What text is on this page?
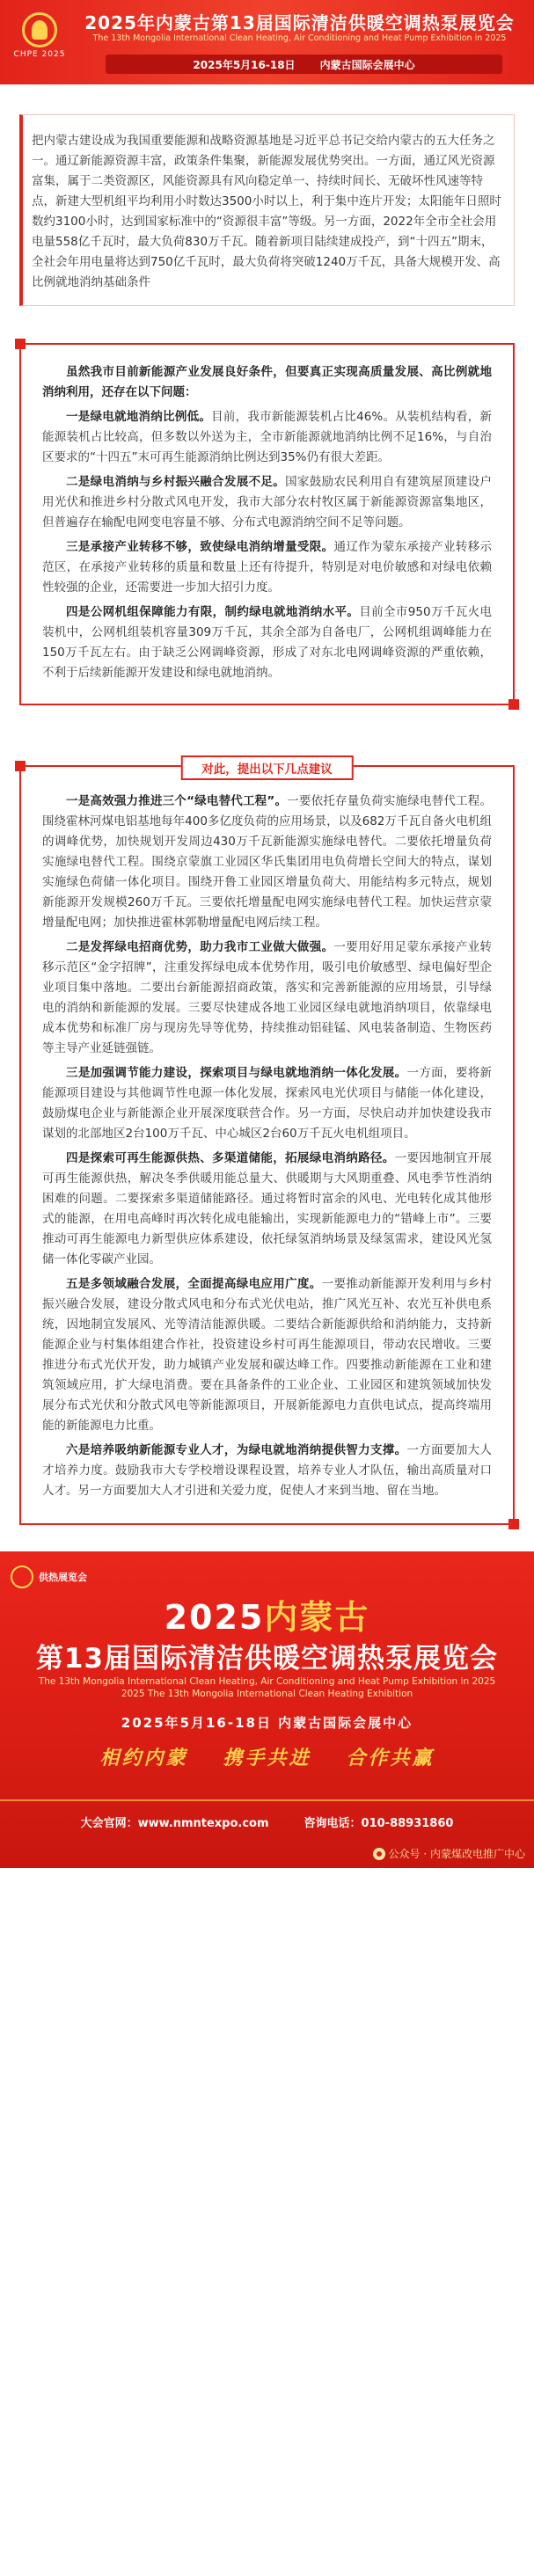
CHPE 2025
2025年内蒙古第13届国际清洁供暖空调热泵展览会
The 13th Mongolia International Clean Heating, Air Conditioning and Heat Pump Exhibition in 2025
2025年5月16-18日 内蒙古国际会展中心
把内蒙古建设成为我国重要能源和战略资源基地是习近平总书记交给内蒙古的五大任务之一。通辽新能源资源丰富，政策条件集聚，新能源发展优势突出。一方面，通辽风光资源富集，属于二类资源区，风能资源具有风向稳定单一、持续时间长、无破坏性风速等特点，新建大型机组平均利用小时数达3500小时以上，利于集中连片开发；太阳能年日照时数约3100小时，达到国家标准中的“资源很丰富”等级。另一方面，2022年全市全社会用电量558亿千瓦时，最大负荷830万千瓦。随着新项目陆续建成投产，到“十四五”期末，全社会年用电量将达到750亿千瓦时，最大负荷将突破1240万千瓦，具备大规模开发、高比例就地消纳基础条件

虽然我市目前新能源产业发展良好条件，但要真正实现高质量发展、高比例就地消纳利用，还存在以下问题：

一是绿电就地消纳比例低。目前，我市新能源装机占比46%。从装机结构看，新能源装机占比较高，但多数以外送为主，全市新能源就地消纳比例不足16%，与自治区要求的“十四五”末可再生能源消纳比例达到35%仍有很大差距。

二是绿电消纳与乡村振兴融合发展不足。国家鼓励农民利用自有建筑屋顶建设户用光伏和推进乡村分散式风电开发，我市大部分农村牧区属于新能源资源富集地区，但普遍存在输配电网变电容量不够、分布式电源消纳空间不足等问题。

三是承接产业转移不够，致使绿电消纳增量受限。通辽作为蒙东承接产业转移示范区，在承接产业转移的质量和数量上还有待提升，特别是对电价敏感和对绿电依赖性较强的企业，还需要进一步加大招引力度。

四是公网机组保障能力有限，制约绿电就地消纳水平。目前全市950万千瓦火电装机中，公网机组装机容量309万千瓦，其余全部为自备电厂，公网机组调峰能力在150万千瓦左右。由于缺乏公网调峰资源，形成了对东北电网调峰资源的严重依赖，不利于后续新能源开发建设和绿电就地消纳。

对此，提出以下几点建议

一是高效强力推进三个“绿电替代工程”。一要依托存量负荷实施绿电替代工程。围绕霍林河煤电铝基地每年400多亿度负荷的应用场景，以及682万千瓦自备火电机组的调峰优势，加快规划开发周边430万千瓦新能源实施绿电替代。二要依托增量负荷实施绿电替代工程。围绕京蒙旗工业园区华氏集团用电负荷增长空间大的特点，谋划实施绿色荷储一体化项目。围绕开鲁工业园区增量负荷大、用能结构多元特点，规划新能源开发规模260万千瓦。三要依托增量配电网实施绿电替代工程。加快运营京蒙增量配电网；加快推进霍林郭勒增量配电网后续工程。

二是发挥绿电招商优势，助力我市工业做大做强。一要用好用足蒙东承接产业转移示范区“金字招牌”，注重发挥绿电成本优势作用，吸引电价敏感型、绿电偏好型企业项目集中落地。二要出台新能源招商政策，落实和完善新能源的应用场景，引导绿电的消纳和新能源的发展。三要尽快建成各地工业园区绿电就地消纳项目，依靠绿电成本优势和标准厂房与现房先导等优势，持续推动铝硅锰、风电装备制造、生物医药等主导产业延链强链。

三是加强调节能力建设，探索项目与绿电就地消纳一体化发展。一方面，要将新能源项目建设与其他调节性电源一体化发展，探索风电光伏项目与储能一体化建设，鼓励煤电企业与新能源企业开展深度联营合作。另一方面，尽快启动并加快建设我市谋划的北部地区2台100万千瓦、中心城区2台60万千瓦火电机组项目。

四是探索可再生能源供热、多渠道储能，拓展绿电消纳路径。一要因地制宜开展可再生能源供热，解决冬季供暖用能总量大、供暖期与大风期重叠、风电季节性消纳困难的问题。二要探索多渠道储能路径。通过将暂时富余的风电、光电转化成其他形式的能源，在用电高峰时再次转化成电能输出，实现新能源电力的“错峰上市”。三要推动可再生能源电力新型供应体系建设，依托绿氢消纳场景及绿氢需求，建设风光氢储一体化零碳产业园。

五是多领域融合发展，全面提高绿电应用广度。一要推动新能源开发利用与乡村振兴融合发展，建设分散式风电和分布式光伏电站，推广风光互补、农光互补供电系统，因地制宜发展风、光等清洁能源供暖。二要结合新能源供给和消纳能力，支持新能源企业与村集体组建合作社，投资建设乡村可再生能源项目，带动农民增收。三要推进分布式光伏开发，助力城镇产业发展和碳达峰工作。四要推动新能源在工业和建筑领域应用，扩大绿电消费。要在具备条件的工业企业、工业园区和建筑领域加快发展分布式光伏和分散式风电等新能源项目，开展新能源电力直供电试点，提高终端用能的新能源电力比重。

六是培养吸纳新能源专业人才，为绿电就地消纳提供智力支撑。一方面要加大人才培养力度。鼓励我市大专学校增设课程设置，培养专业人才队伍，输出高质量对口人才。另一方面要加大人才引进和关爱力度，促使人才来到当地、留在当地。

供热展览会
2025内蒙古
第13届国际清洁供暖空调热泵展览会
The 13th Mongolia International Clean Heating, Air Conditioning and Heat Pump Exhibition in 2025
2025 The 13th Mongolia International Clean Heating Exhibition
2025年5月16-18日 内蒙古国际会展中心
相约内蒙 携手共进 合作共赢
大会官网：www.nmntexpo.com	咨询电话：010-88931860
公众号 · 内蒙煤改电推广中心
